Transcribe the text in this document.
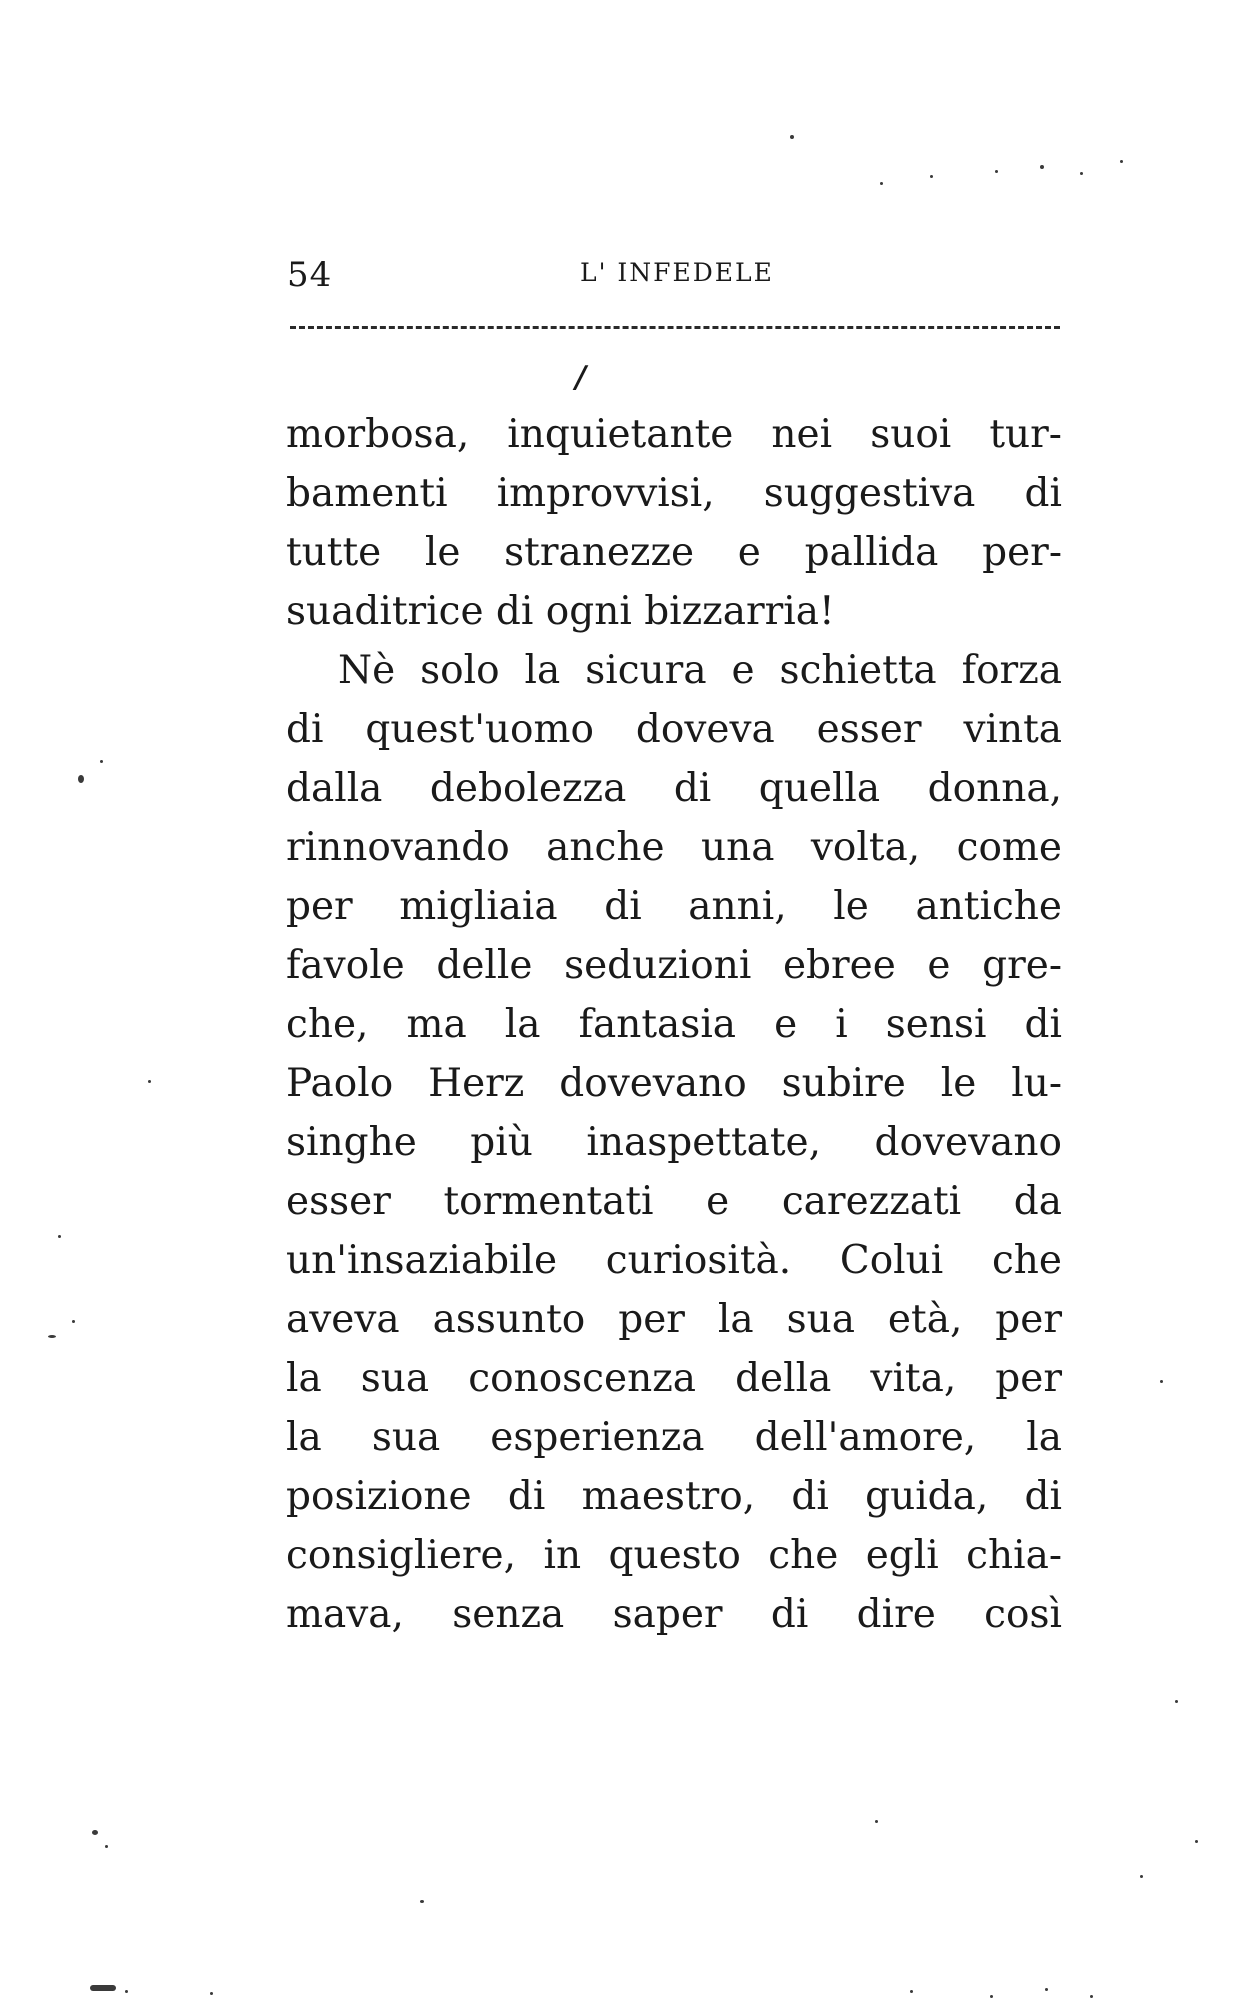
54	L' INFEDELE
/
morbosa, inquietante nei suoi tur-
bamenti improvvisi, suggestiva di
tutte le stranezze e pallida per-
suaditrice di ogni bizzarria!
Nè solo la sicura e schietta forza
di quest'uomo doveva esser vinta
dalla debolezza di quella donna,
rinnovando anche una volta, come
per migliaia di anni, le antiche
favole delle seduzioni ebree e gre-
che, ma la fantasia e i sensi di
Paolo Herz dovevano subire le lu-
singhe più inaspettate, dovevano
esser tormentati e carezzati da
un'insaziabile curiosità. Colui che
aveva assunto per la sua età, per
la sua conoscenza della vita, per
la sua esperienza dell'amore, la
posizione di maestro, di guida, di
consigliere, in questo che egli chia-
mava, senza saper di dire così
